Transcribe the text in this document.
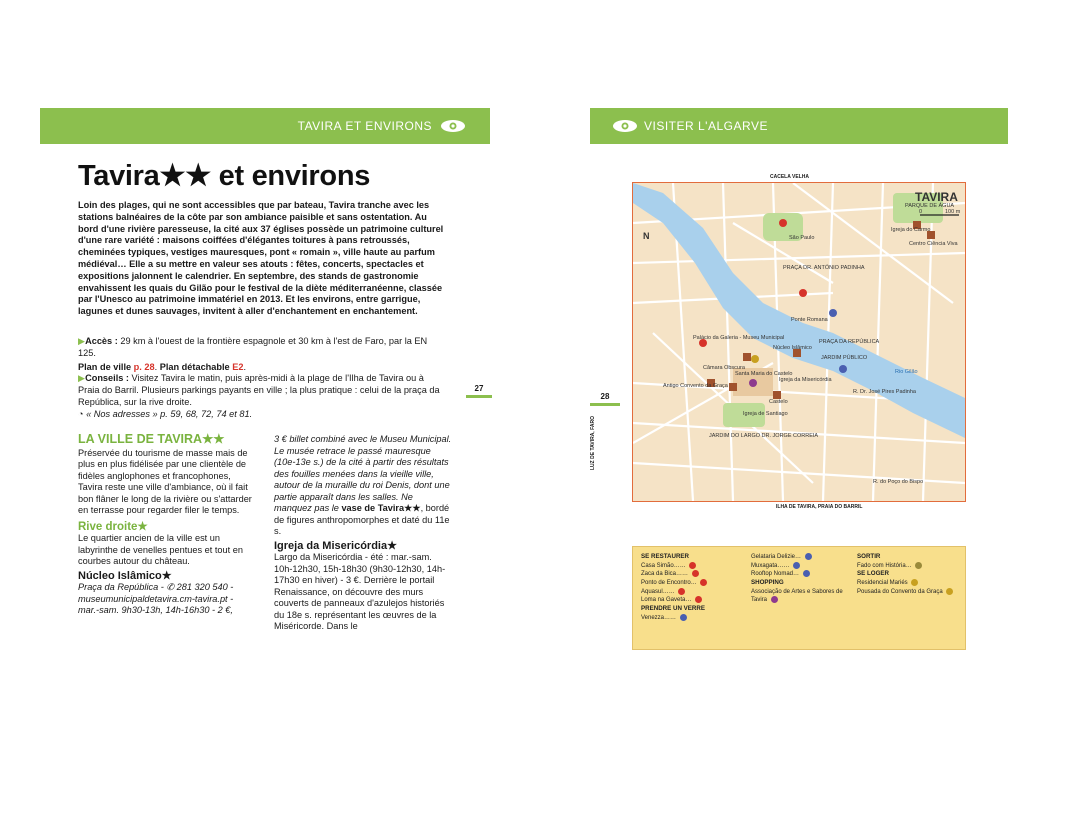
TAVIRA ET ENVIRONS
Tavira★★ et environs
Loin des plages, qui ne sont accessibles que par bateau, Tavira tranche avec les stations balnéaires de la côte par son ambiance paisible et sans ostentation. Au bord d'une rivière paresseuse, la cité aux 37 églises possède un patrimoine culturel d'une rare variété : maisons coiffées d'élégantes toitures à pans retroussés, cheminées typiques, vestiges mauresques, pont « romain », ville haute au parfum médiéval… Elle a su mettre en valeur ses atouts : fêtes, concerts, spectacles et expositions jalonnent le calendrier. En septembre, des stands de gastronomie envahissent les quais du Gilão pour le festival de la diète méditerranéenne, classée par l'Unesco au patrimoine immatériel en 2013. Et les environs, entre garrigue, lagunes et dunes sauvages, invitent à aller d'enchantement en enchantement.
▶Accès : 29 km à l'ouest de la frontière espagnole et 30 km à l'est de Faro, par la EN 125.
Plan de ville p. 28. Plan détachable E2.
▶Conseils : Visitez Tavira le matin, puis après-midi à la plage de l'Ilha de Tavira ou à Praia do Barril. Plusieurs parkings payants en ville ; la plus pratique : celui de la praça da República, sur la rive droite.
◔ « Nos adresses » p. 59, 68, 72, 74 et 81.
27
LA VILLE DE TAVIRA★★
Préservée du tourisme de masse mais de plus en plus fidélisée par une clientèle de fidèles anglophones et francophones, Tavira reste une ville d'ambiance, où il fait bon flâner le long de la rivière ou s'attarder en terrasse pour regarder filer le temps.
Rive droite★
Le quartier ancien de la ville est un labyrinthe de venelles pentues et tout en courbes autour du château.
Núcleo Islâmico★
Praça da República - ✆ 281 320 540 - museumunicipaldetavira.cm-tavira.pt - mar.-sam. 9h30-13h, 14h-16h30 - 2 €,
3 € billet combiné avec le Museu Municipal. Le musée retrace le passé mauresque (10e-13e s.) de la cité à partir des résultats des fouilles menées dans la vieille ville, autour de la muraille du roi Denis, dont une partie apparaît dans les salles. Ne manquez pas le vase de Tavira★★, bordé de figures anthropomorphes et daté du 11e s.
Igreja da Misericórdia★
Largo da Misericórdia - été : mar.-sam. 10h-12h30, 15h-18h30 (9h30-12h30, 14h-17h30 en hiver) - 3 €. Derrière le portail Renaissance, on découvre des murs couverts de panneaux d'azulejos historiés du 18e s. représentant les œuvres de la Miséricorde. Dans le
VISITER L'ALGARVE
28
CACELA VELHA
ILHA DE TAVIRA, PRAIA DO BARRIL
LUZ DE TAVIRA, FARO
TAVIRA
0	100 m
N	São Paulo
PRAÇA DR. ANTÓNIO PADINHA
Ponte Romana
PRAÇA DA REPÚBLICA
Palácio da Galeria - Museu Municipal
Núcleo Islâmico
JARDIM PÚBLICO
Câmara Obscura
Santa Maria do Castelo
Igreja da Misericórdia
Antigo Convento da Graça
Castelo
Igreja de Santiago
JARDIM DO LARGO DR. JORGE CORREIA
Rio Gilão
Igreja do Carmo
Centro Ciência Viva
PARQUE DE ÁGUA
R. Dr. José Pires Padinha
R. do Poço do Bispo
SE RESTAURER
Casa Simão……
Zaca da Bica……
Ponto de Encontro…
Aquasul……
Loma na Gaveta…
PRENDRE UN VERRE
Venezza……
Gelataria Delizie…
Muxagata……
Rooftop Nomad…
SHOPPING
Associação de Artes e Sabores de Tavira
SORTIR
Fado com História…
SE LOGER
Residencial Mariés
Pousada do Convento da Graça
